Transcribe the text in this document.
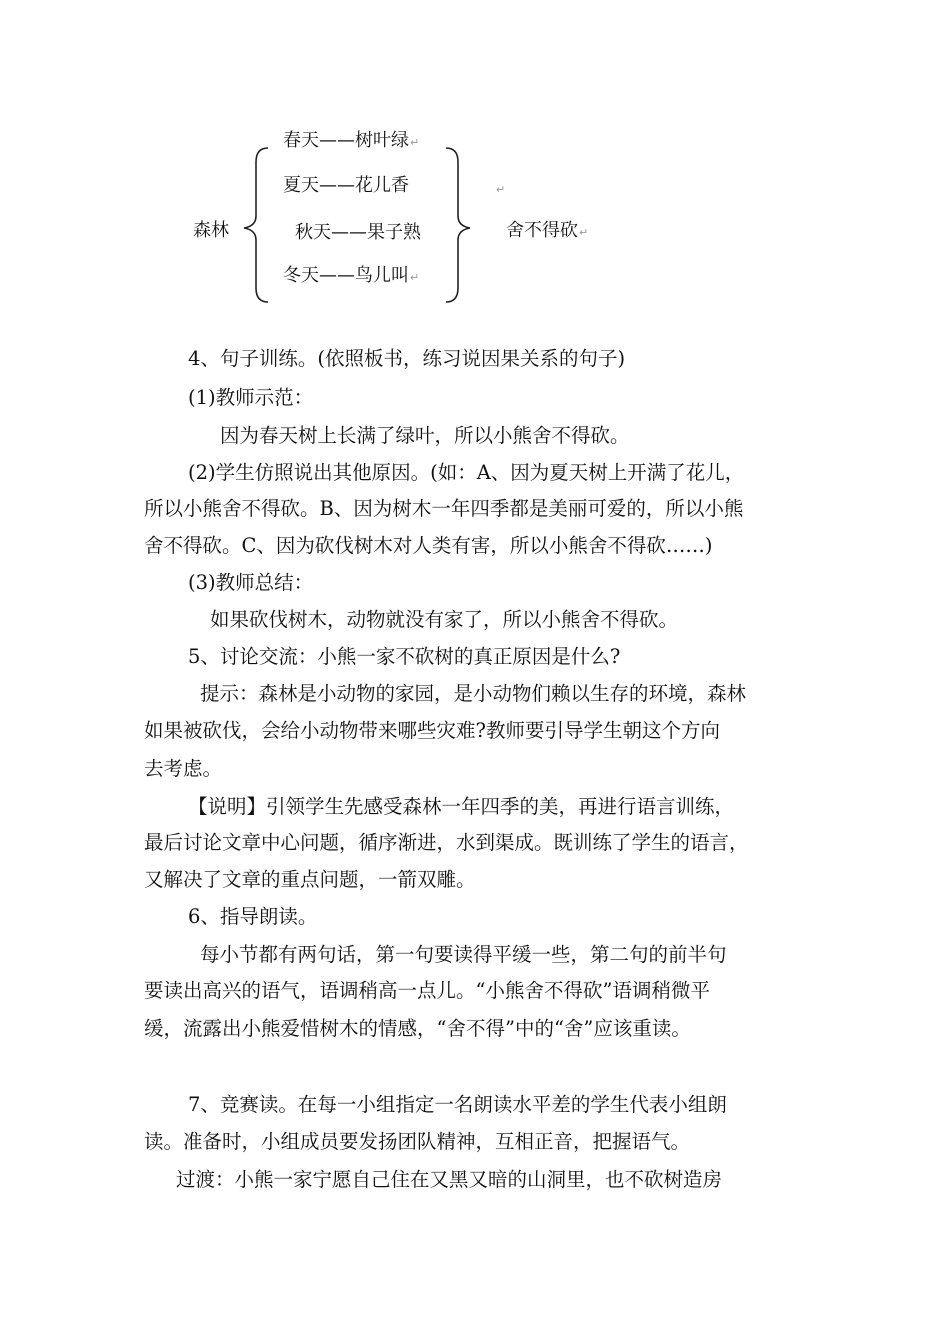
森林
春天——树叶绿↵
夏天——花儿香
秋天——果子熟
冬天——鸟儿叫↵
↵
舍不得砍↵
4、句子训练。(依照板书，练习说因果关系的句子)
(1)教师示范：
因为春天树上长满了绿叶，所以小熊舍不得砍。
(2)学生仿照说出其他原因。(如：A、因为夏天树上开满了花儿，
所以小熊舍不得砍。B、因为树木一年四季都是美丽可爱的，所以小熊
舍不得砍。C、因为砍伐树木对人类有害，所以小熊舍不得砍……)
(3)教师总结：
如果砍伐树木，动物就没有家了，所以小熊舍不得砍。
5、讨论交流：小熊一家不砍树的真正原因是什么?
提示：森林是小动物的家园，是小动物们赖以生存的环境，森林
如果被砍伐，会给小动物带来哪些灾难?教师要引导学生朝这个方向
去考虑。
【说明】引领学生先感受森林一年四季的美，再进行语言训练，
最后讨论文章中心问题，循序渐进，水到渠成。既训练了学生的语言，
又解决了文章的重点问题，一箭双雕。
6、指导朗读。
每小节都有两句话，第一句要读得平缓一些，第二句的前半句
要读出高兴的语气，语调稍高一点儿。“小熊舍不得砍”语调稍微平
缓，流露出小熊爱惜树木的情感，“舍不得”中的“舍”应该重读。
7、竞赛读。在每一小组指定一名朗读水平差的学生代表小组朗
读。准备时，小组成员要发扬团队精神，互相正音，把握语气。
过渡：小熊一家宁愿自己住在又黑又暗的山洞里，也不砍树造房
